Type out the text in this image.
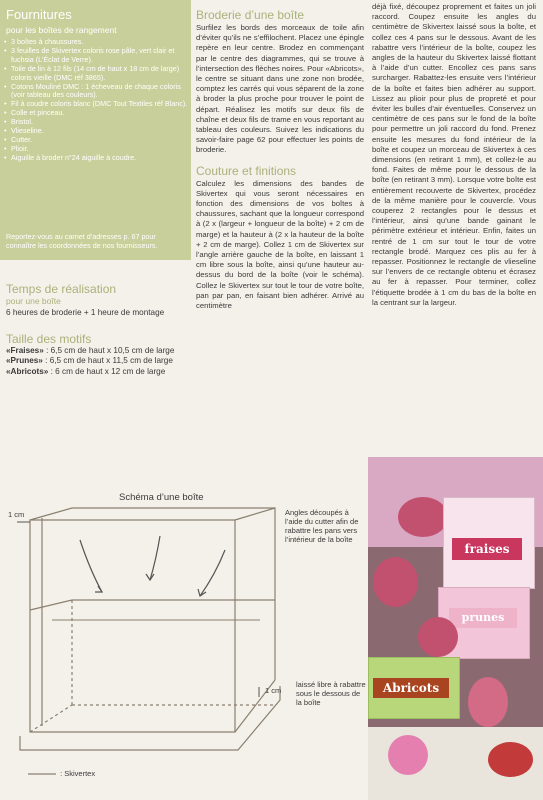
Fournitures
pour les boîtes de rangement
• 3 boîtes à chaussures.
• 3 feuilles de Skivertex coloris rose pâle, vert clair et fuchsia (L’Éclat de Verre).
• Toile de lin à 12 fils (14 cm de haut x 18 cm de large) coloris vieille (DMC réf 3865).
• Cotons Mouliné DMC : 1 écheveau de chaque coloris (voir tableau des couleurs).
• Fil à coudre coloris blanc (DMC Tout Textiles réf Blanc).
• Colle et pinceau.
• Bristol.
• Vlieseline.
• Cutter.
• Plioir.
• Aiguille à broder n°24 aiguille à coudre.
Reportez-vous au carnet d’adresses p. 67 pour connaître les coordonnées de nos fournisseurs.
Temps de réalisation
pour une boîte

6 heures de broderie + 1 heure de montage

Taille des motifs

«Fraises» : 6,5 cm de haut x 10,5 cm de large

«Prunes» : 6,5 cm de haut x 11,5 cm de large

«Abricots» : 6 cm de haut x 12 cm de large

Broderie d’une boîte

Surfilez les bords des morceaux de toile afin d’éviter qu’ils ne s’effilochent. Placez une épingle repère en leur centre. Brodez en commençant par le centre des diagrammes, qui se trouve à l’intersection des flèches noires. Pour «Abricots», le centre se situant dans une zone non brodée, comptez les carrés qui vous séparent de la zone à broder la plus proche pour trouver le point de départ. Réalisez les motifs sur deux fils de chaîne et deux fils de trame en vous reportant au tableau des couleurs. Suivez les indications du savoir-faire page 62 pour effectuer les points de broderie.

Couture et finitions

Calculez les dimensions des bandes de Skivertex qui vous seront nécessaires en fonction des dimensions de vos boîtes à chaussures, sachant que la longueur correspond à (2 x (largeur + longueur de la boîte) + 2 cm de marge) et la hauteur à (2 x la hauteur de la boîte + 2 cm de marge). Collez 1 cm de Skivertex sur l’angle arrière gauche de la boîte, en laissant 1 cm libre sous la boîte, ainsi qu’une hauteur au-dessus du bord de la boîte (voir le schéma). Collez le Skivertex sur tout le tour de votre boîte, pan par pan, en faisant bien adhérer. Arrivé au centimètre

déjà fixé, découpez proprement et faites un joli raccord. Coupez ensuite les angles du centimètre de Skivertex laissé sous la boîte, et collez ces 4 pans sur le dessous. Avant de les rabattre vers l’intérieur de la boîte, coupez les angles de la hauteur du Skivertex laissé flottant à l’aide d’un cutter. Encollez ces pans sans surcharger. Rabattez-les ensuite vers l’intérieur de la boîte et faites bien adhérer au support. Lissez au plioir pour plus de propreté et pour éviter les bulles d’air éventuelles. Conservez un centimètre de ces pans sur le fond de la boîte pour permettre un joli raccord du fond. Prenez ensuite les mesures du fond intérieur de la boîte et coupez un morceau de Skivertex à ces dimensions (en retirant 1 mm), et collez-le au fond. Faites de même pour le dessous de la boîte (en retirant 3 mm). Lorsque votre boîte est entièrement recouverte de Skivertex, procédez de la même manière pour le couvercle. Vous couperez 2 rectangles pour le dessus et l’intérieur, ainsi qu’une bande gainant le périmètre extérieur et intérieur. Enfin, faites un rentré de 1 cm sur tout le tour de votre rectangle brodé. Marquez ces plis au fer à repasser. Positionnez le rectangle de vlieseline sur l’envers de ce rectangle obtenu et écrasez au fer à repasser. Pour terminer, collez l’étiquette brodée à 1 cm du bas de la boîte en la centrant sur la largeur.

Schéma d’une boîte
1 cm
1 cm
Angles découpés à l’aide du cutter afin de rabattre les pans vers l’intérieur de la boîte
laissé libre à rabattre sous le dessous de la boîte
: Skivertex
fraises
prunes
Abricots
